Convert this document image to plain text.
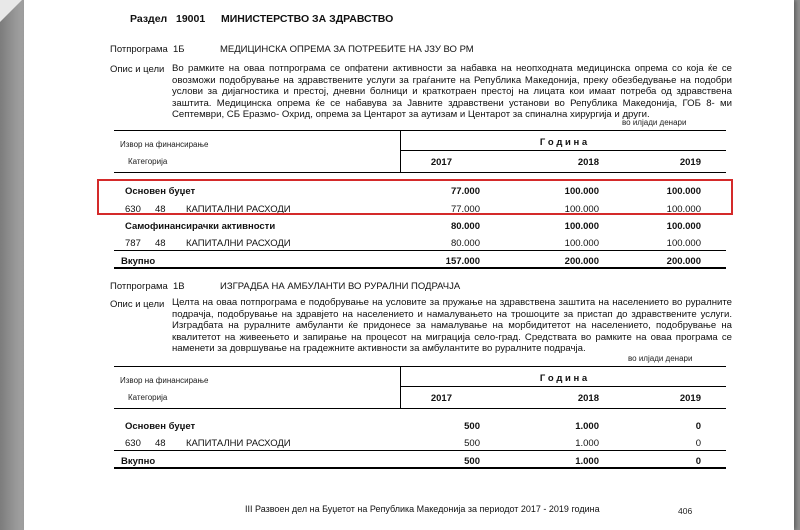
Раздел 19001 МИНИСТЕРСТВО ЗА ЗДРАВСТВО
Потпрограма 1Б	МЕДИЦИНСКА ОПРЕМА ЗА ПОТРЕБИТЕ НА ЈЗУ ВО РМ
Опис и цели Во рамките на оваа потпрограма се опфатени активности за набавка на неопходната медицинска опрема со која ќе се овозможи подобрување на здравствените услуги за граѓаните на Република Македонија, преку обезбедување на подобри услови за дијагностика и престој, дневни болници и краткотраен престој на лицата кои имаат потреба од здравствена заштита. Медицинска опрема ќе се набавува за Јавните здравствени установи во Република Македонија, ГОБ 8- ми Септември, СБ Еразмо- Охрид, опрема за Центарот за аутизам и Центарот за спинална хирургија и други.
во илјади денари
Извор на финансирање
Категорија
Г о д и н а
2017	2018	2019
Основен буџет	77.000	100.000	100.000
630 48 КАПИТАЛНИ РАСХОДИ	77.000	100.000	100.000
Самофинансирачки активности	80.000	100.000	100.000
787 48 КАПИТАЛНИ РАСХОДИ	80.000	100.000	100.000
Вкупно	157.000	200.000	200.000
Потпрограма 1В	ИЗГРАДБА НА АМБУЛАНТИ ВО РУРАЛНИ ПОДРАЧЈА
Опис и цели Целта на оваа потпрограма е подобрување на условите за пружање на здравствена заштита на населението во руралните подрачја, подобрување на здравјето на населението и намалувањето на трошоците за пристап до здравствените услуги. Изградбата на руралните амбуланти ќе придонесе за намалување на морбидитетот на населението, подобрување на квалитетот на живеењето и запирање на процесот на миграција село-град. Средствата во рамките на оваа програма се наменети за довршување на градежните активности за амбулантите во руралните подрачја.
во илјади денари
Извор на финансирање
Категорија
Г о д и н а
2017	2018	2019
Основен буџет	500	1.000	0
630 48 КАПИТАЛНИ РАСХОДИ	500	1.000	0
Вкупно	500	1.000	0
III Развоен дел на Буџетот на Република Македонија за периодот 2017 - 2019 година	406
